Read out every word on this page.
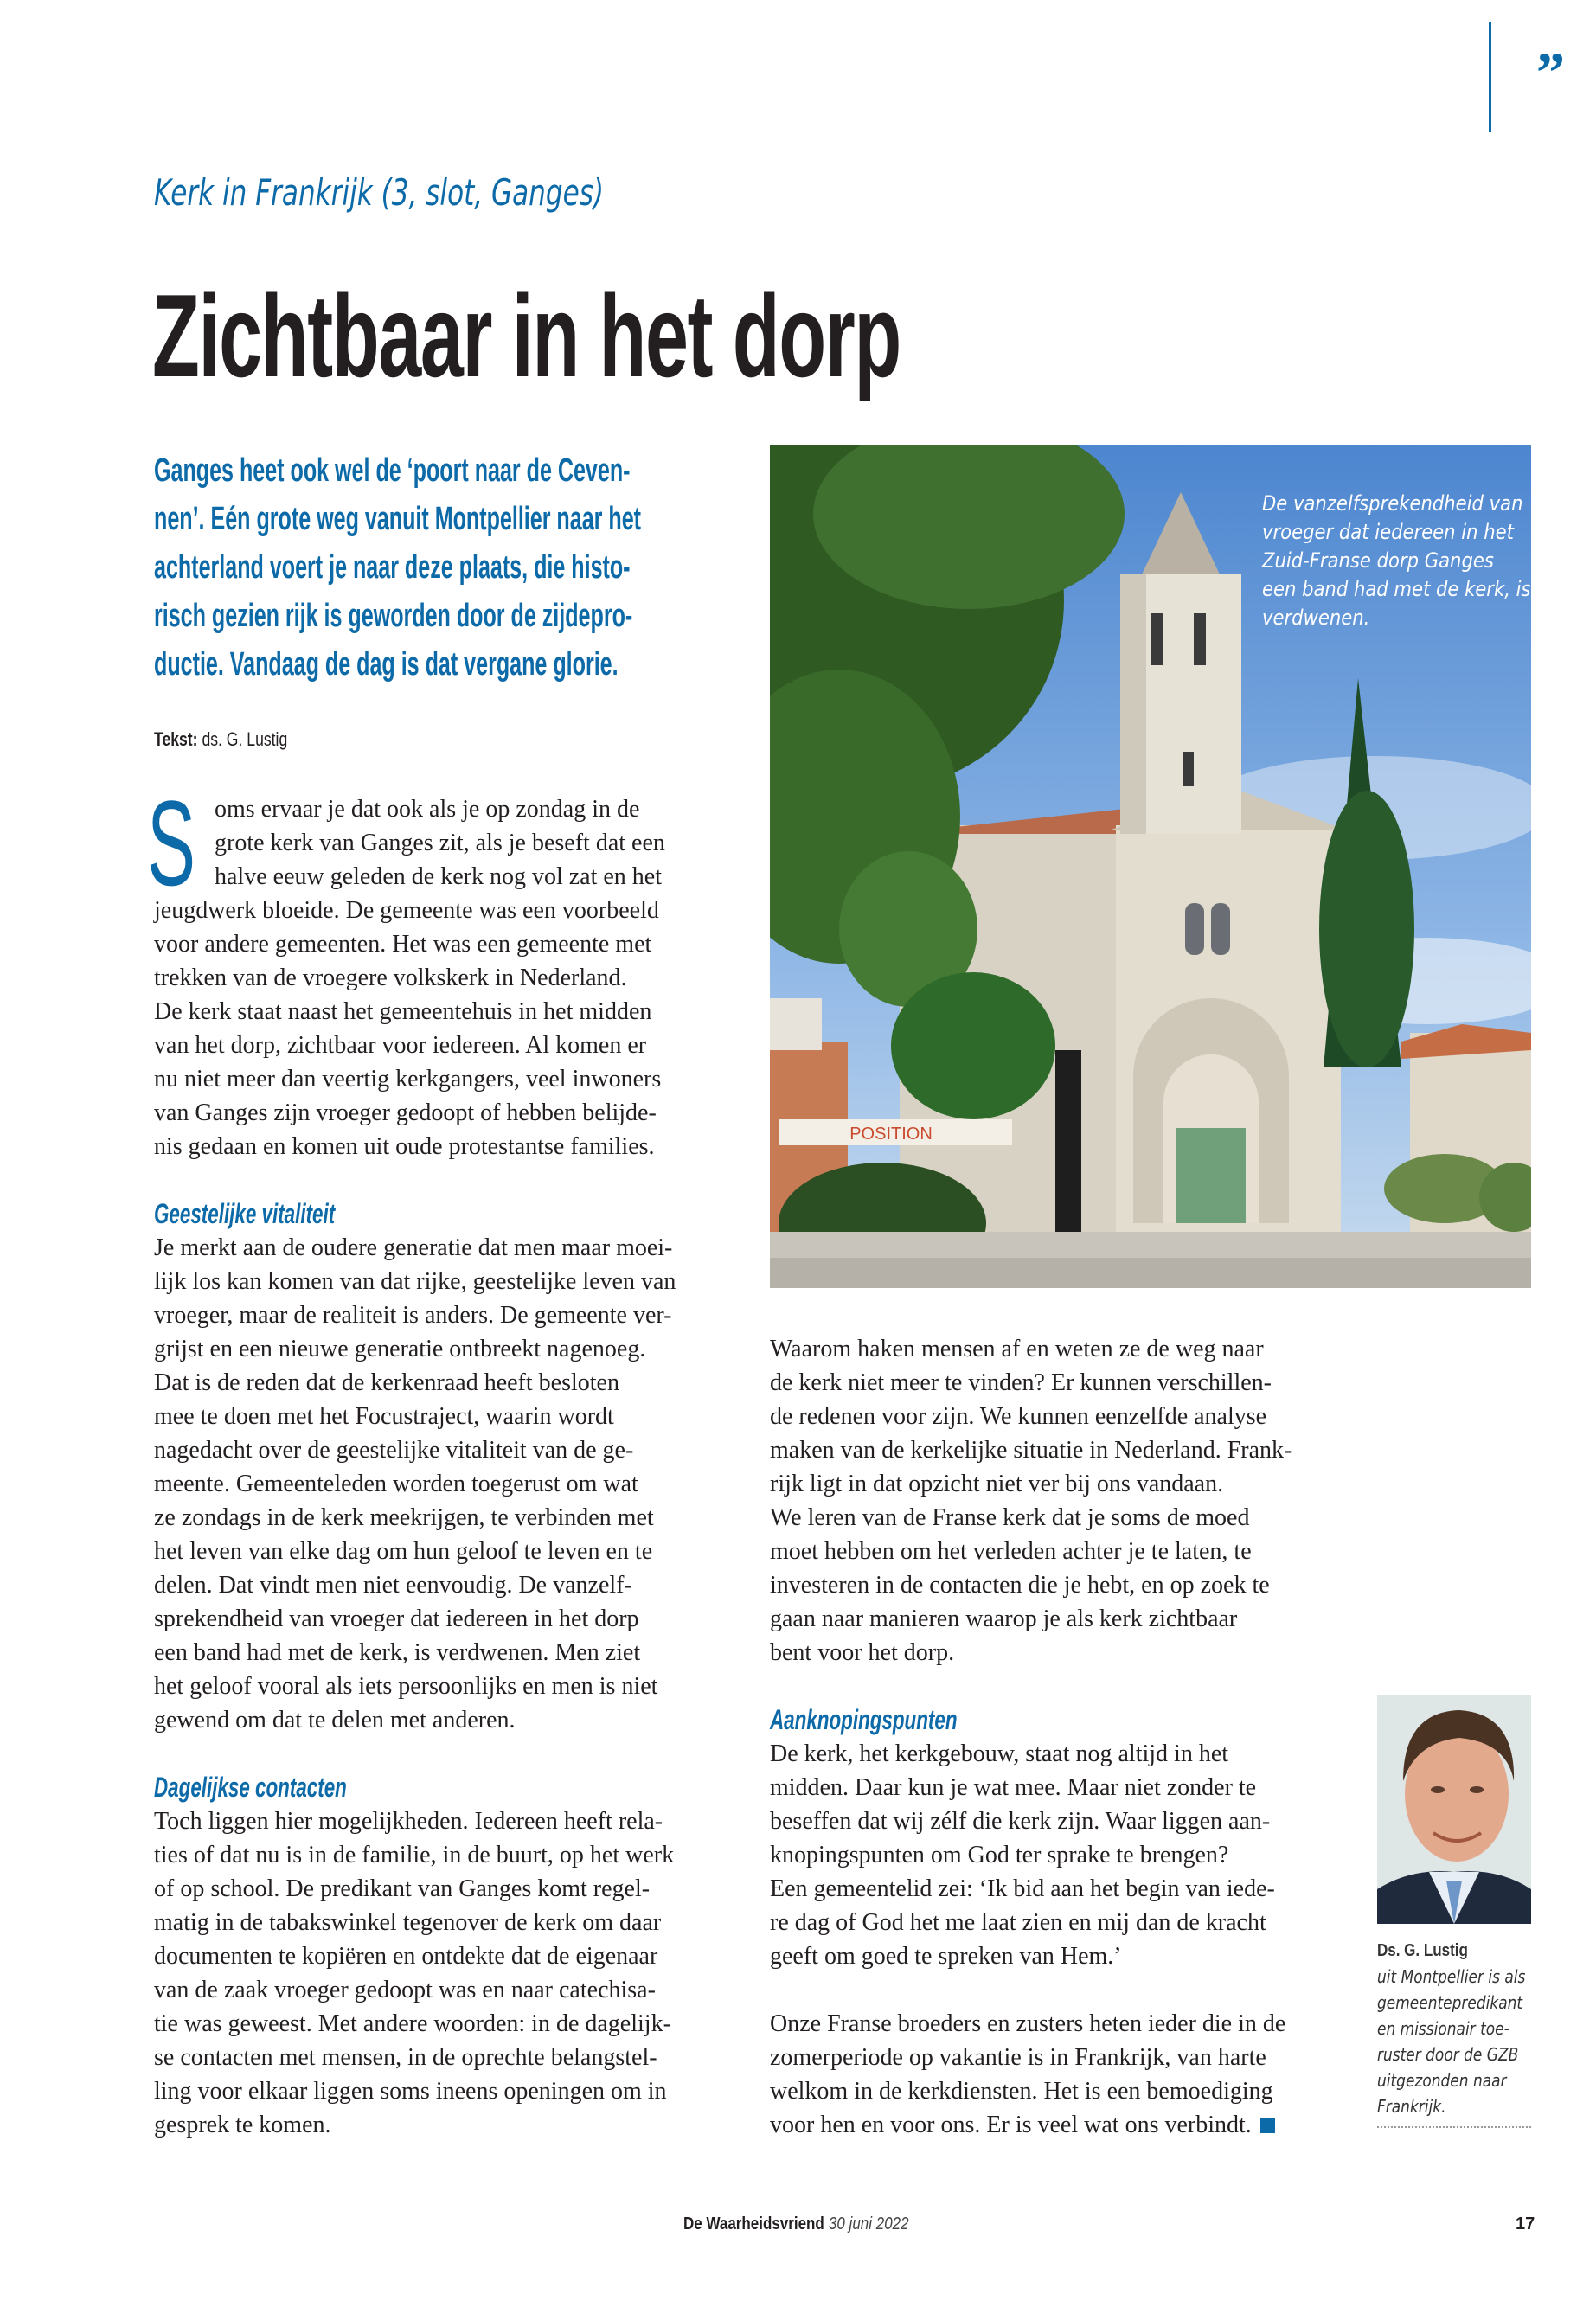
”
Kerk in Frankrijk (3, slot, Ganges)
Zichtbaar in het dorp
Ganges heet ook wel de ‘poort naar de Ceven-
nen’. Eén grote weg vanuit Montpellier naar het
achterland voert je naar deze plaats, die histo-
risch gezien rijk is geworden door de zijdepro-
ductie. Vandaag de dag is dat vergane glorie.
Tekst: ds. G. Lustig
S oms ervaar je dat ook als je op zondag in de
grote kerk van Ganges zit, als je beseft dat een
halve eeuw geleden de kerk nog vol zat en het
jeugdwerk bloeide. De gemeente was een voorbeeld
voor andere gemeenten. Het was een gemeente met
trekken van de vroegere volkskerk in Nederland.
De kerk staat naast het gemeentehuis in het midden
van het dorp, zichtbaar voor iedereen. Al komen er
nu niet meer dan veertig kerkgangers, veel inwoners
van Ganges zijn vroeger gedoopt of hebben belijde-
nis gedaan en komen uit oude protestantse families.
Geestelijke vitaliteit
Je merkt aan de oudere generatie dat men maar moei-
lijk los kan komen van dat rijke, geestelijke leven van
vroeger, maar de realiteit is anders. De gemeente ver-
grijst en een nieuwe generatie ontbreekt nagenoeg.
Dat is de reden dat de kerkenraad heeft besloten
mee te doen met het Focustraject, waarin wordt
nagedacht over de geestelijke vitaliteit van de ge-
meente. Gemeenteleden worden toegerust om wat
ze zondags in de kerk meekrijgen, te verbinden met
het leven van elke dag om hun geloof te leven en te
delen. Dat vindt men niet eenvoudig. De vanzelf-
sprekendheid van vroeger dat iedereen in het dorp
een band had met de kerk, is verdwenen. Men ziet
het geloof vooral als iets persoonlijks en men is niet
gewend om dat te delen met anderen.
Dagelijkse contacten
Toch liggen hier mogelijkheden. Iedereen heeft rela-
ties of dat nu is in de familie, in de buurt, op het werk
of op school. De predikant van Ganges komt regel-
matig in de tabakswinkel tegenover de kerk om daar
documenten te kopiëren en ontdekte dat de eigenaar
van de zaak vroeger gedoopt was en naar catechisa-
tie was geweest. Met andere woorden: in de dagelijk-
se contacten met mensen, in de oprechte belangstel-
ling voor elkaar liggen soms ineens openingen om in
gesprek te komen.
POSITION
De vanzelfsprekendheid van
vroeger dat iedereen in het
Zuid-Franse dorp Ganges
een band had met de kerk, is
verdwenen.
Waarom haken mensen af en weten ze de weg naar
de kerk niet meer te vinden? Er kunnen verschillen-
de redenen voor zijn. We kunnen eenzelfde analyse
maken van de kerkelijke situatie in Nederland. Frank-
rijk ligt in dat opzicht niet ver bij ons vandaan.
We leren van de Franse kerk dat je soms de moed
moet hebben om het verleden achter je te laten, te
investeren in de contacten die je hebt, en op zoek te
gaan naar manieren waarop je als kerk zichtbaar
bent voor het dorp.
Aanknopingspunten
De kerk, het kerkgebouw, staat nog altijd in het
midden. Daar kun je wat mee. Maar niet zonder te
beseffen dat wij zélf die kerk zijn. Waar liggen aan-
knopingspunten om God ter sprake te brengen?
Een gemeentelid zei: ‘Ik bid aan het begin van iede-
re dag of God het me laat zien en mij dan de kracht
geeft om goed te spreken van Hem.’
Onze Franse broeders en zusters heten ieder die in de
zomerperiode op vakantie is in Frankrijk, van harte
welkom in de kerkdiensten. Het is een bemoediging
voor hen en voor ons. Er is veel wat ons verbindt.
Ds. G. Lustig
uit Montpellier is als
gemeentepredikant
en missionair toe-
ruster door de GZB
uitgezonden naar
Frankrijk.
De Waarheidsvriend 30 juni 2022	17
